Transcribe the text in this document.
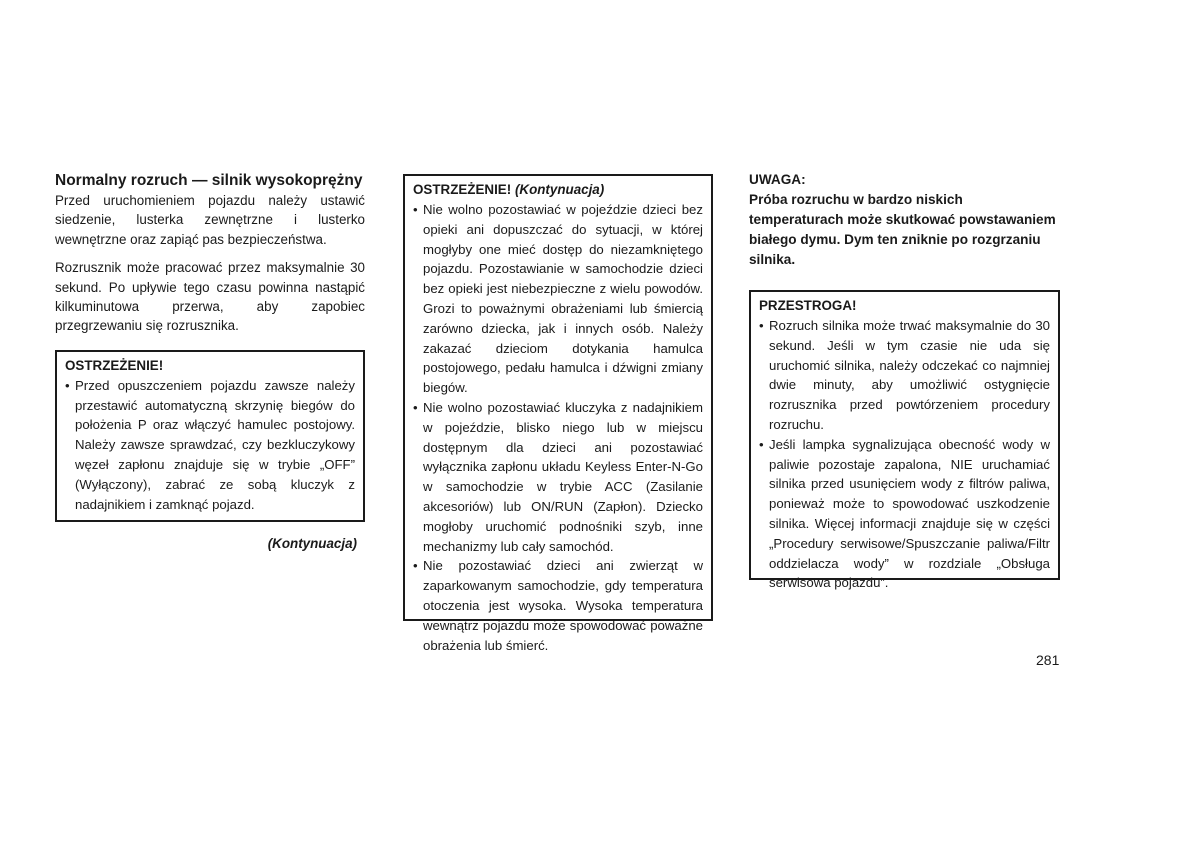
Normalny rozruch — silnik wysokoprężny

Przed uruchomieniem pojazdu należy ustawić siedzenie, lusterka zewnętrzne i lusterko wewnętrzne oraz zapiąć pas bezpieczeństwa.

Rozrusznik może pracować przez maksymalnie 30 sekund. Po upływie tego czasu powinna nastąpić kilkuminutowa przerwa, aby zapobiec przegrzewaniu się rozrusznika.

OSTRZEŻENIE!
• Przed opuszczeniem pojazdu zawsze należy przestawić automatyczną skrzynię biegów do położenia P oraz włączyć hamulec postojowy. Należy zawsze sprawdzać, czy bezkluczykowy węzeł zapłonu znajduje się w trybie „OFF” (Wyłączony), zabrać ze sobą kluczyk z nadajnikiem i zamknąć pojazd.
(Kontynuacja)
OSTRZEŻENIE! (Kontynuacja)
• Nie wolno pozostawiać w pojeździe dzieci bez opieki ani dopuszczać do sytuacji, w której mogłyby one mieć dostęp do niezamkniętego pojazdu. Pozostawianie w samochodzie dzieci bez opieki jest niebezpieczne z wielu powodów. Grozi to poważnymi obrażeniami lub śmiercią zarówno dziecka, jak i innych osób. Należy zakazać dzieciom dotykania hamulca postojowego, pedału hamulca i dźwigni zmiany biegów.
• Nie wolno pozostawiać kluczyka z nadajnikiem w pojeździe, blisko niego lub w miejscu dostępnym dla dzieci ani pozostawiać wyłącznika zapłonu układu Keyless Enter-N-Go w samochodzie w trybie ACC (Zasilanie akcesoriów) lub ON/RUN (Zapłon). Dziecko mogłoby uruchomić podnośniki szyb, inne mechanizmy lub cały samochód.
• Nie pozostawiać dzieci ani zwierząt w zaparkowanym samochodzie, gdy temperatura otoczenia jest wysoka. Wysoka temperatura wewnątrz pojazdu może spowodować poważne obrażenia lub śmierć.

UWAGA:

Próba rozruchu w bardzo niskich temperaturach może skutkować powstawaniem białego dymu. Dym ten zniknie po rozgrzaniu silnika.

PRZESTROGA!
• Rozruch silnika może trwać maksymalnie do 30 sekund. Jeśli w tym czasie nie uda się uruchomić silnika, należy odczekać co najmniej dwie minuty, aby umożliwić ostygnięcie rozrusznika przed powtórzeniem procedury rozruchu.
• Jeśli lampka sygnalizująca obecność wody w paliwie pozostaje zapalona, NIE uruchamiać silnika przed usunięciem wody z filtrów paliwa, ponieważ może to spowodować uszkodzenie silnika. Więcej informacji znajduje się w części „Procedury serwisowe/Spuszczanie paliwa/Filtr oddzielacza wody” w rozdziale „Obsługa serwisowa pojazdu”.
281
